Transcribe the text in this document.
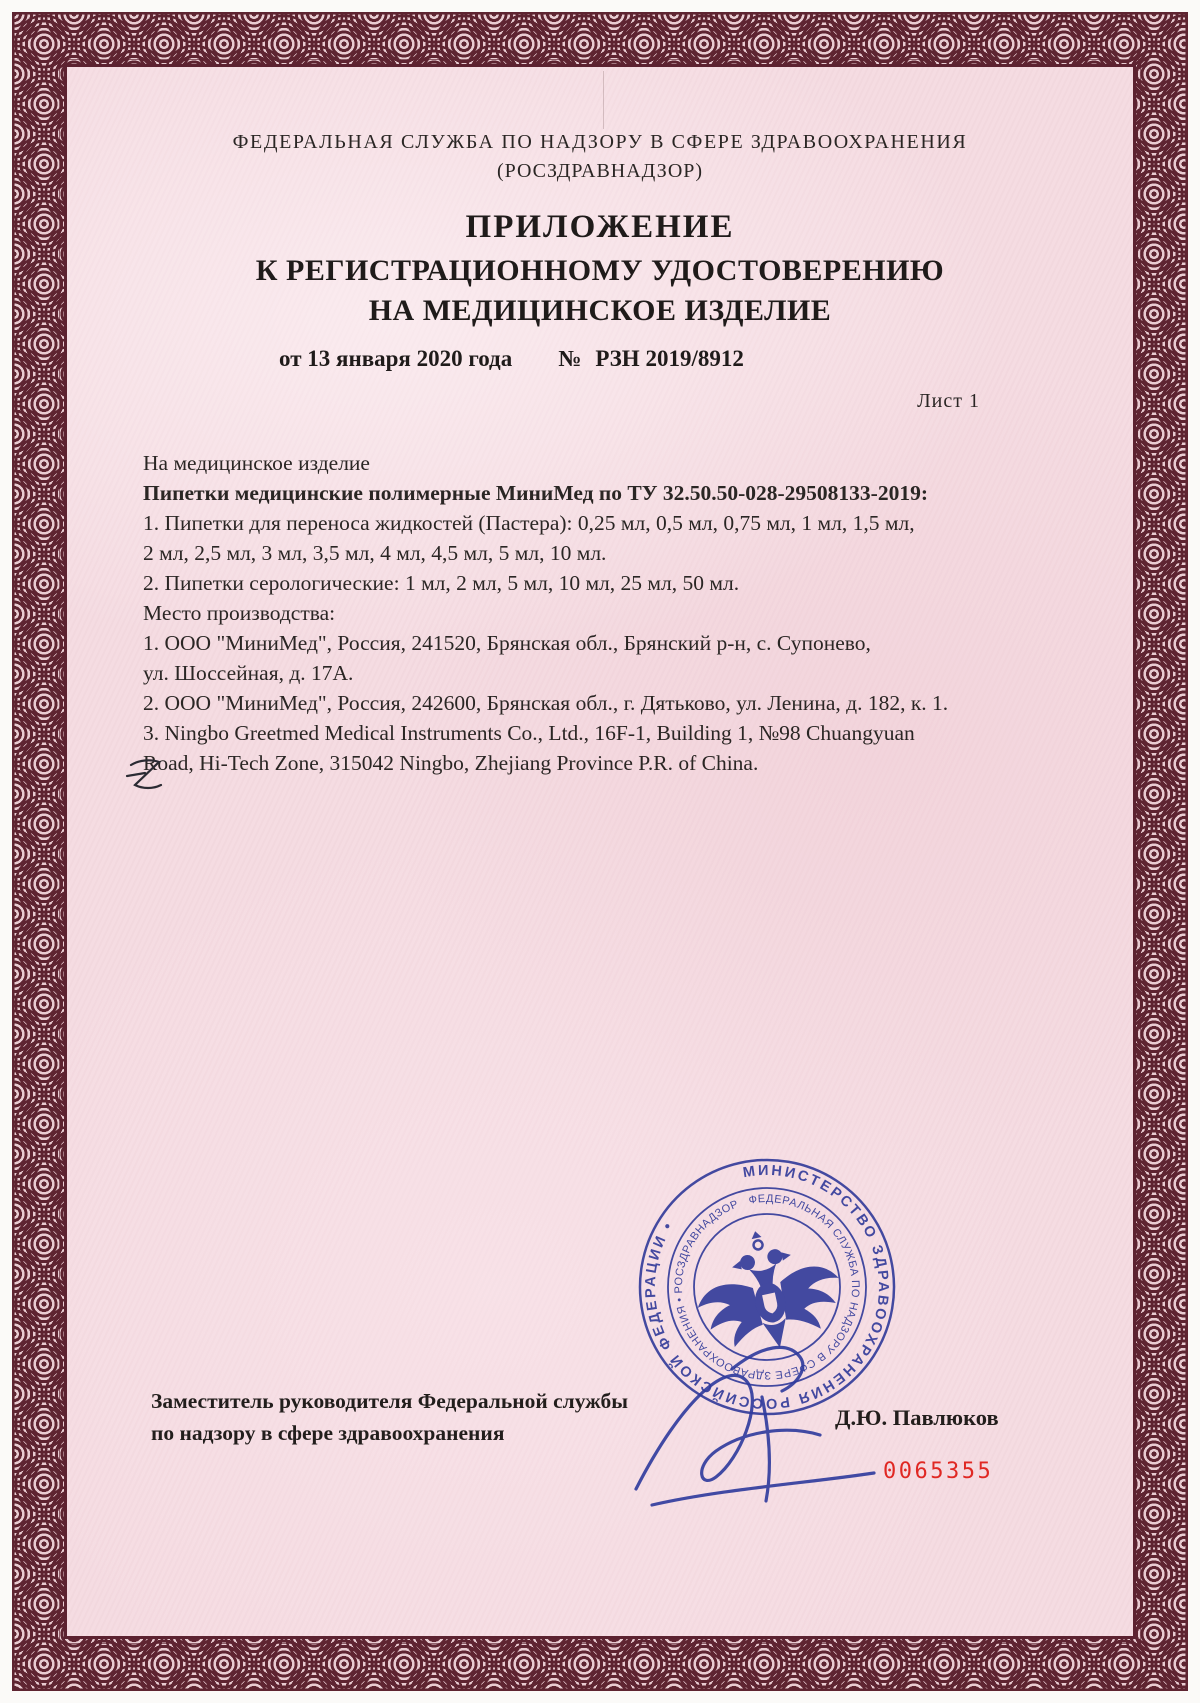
ФЕДЕРАЛЬНАЯ СЛУЖБА ПО НАДЗОРУ В СФЕРЕ ЗДРАВООХРАНЕНИЯ
(РОСЗДРАВНАДЗОР)
ПРИЛОЖЕНИЕ
К РЕГИСТРАЦИОННОМУ УДОСТОВЕРЕНИЮ
НА МЕДИЦИНСКОЕ ИЗДЕЛИЕ
от 13 января 2020 года № РЗН 2019/8912
Лист 1
На медицинское изделие
Пипетки медицинские полимерные МиниМед по ТУ 32.50.50-028-29508133-2019:
1. Пипетки для переноса жидкостей (Пастера): 0,25 мл, 0,5 мл, 0,75 мл, 1 мл, 1,5 мл,
2 мл, 2,5 мл, 3 мл, 3,5 мл, 4 мл, 4,5 мл, 5 мл, 10 мл.
2. Пипетки серологические: 1 мл, 2 мл, 5 мл, 10 мл, 25 мл, 50 мл.
Место производства:
1. ООО "МиниМед", Россия, 241520, Брянская обл., Брянский р-н, с. Супонево,
ул. Шоссейная, д. 17А.
2. ООО "МиниМед", Россия, 242600, Брянская обл., г. Дятьково, ул. Ленина, д. 182, к. 1.
3. Ningbo Greetmed Medical Instruments Co., Ltd., 16F-1, Building 1, №98 Chuangyuan
Road, Hi-Tech Zone, 315042 Ningbo, Zhejiang Province P.R. of China.
МИНИСТЕРСТВО ЗДРАВООХРАНЕНИЯ РОССИЙСКОЙ ФЕДЕРАЦИИ •
ФЕДЕРАЛЬНАЯ СЛУЖБА ПО НАДЗОРУ В СФЕРЕ ЗДРАВООХРАНЕНИЯ • РОСЗДРАВНАДЗОР
Заместитель руководителя Федеральной службы
по надзору в сфере здравоохранения
Д.Ю. Павлюков
0065355
